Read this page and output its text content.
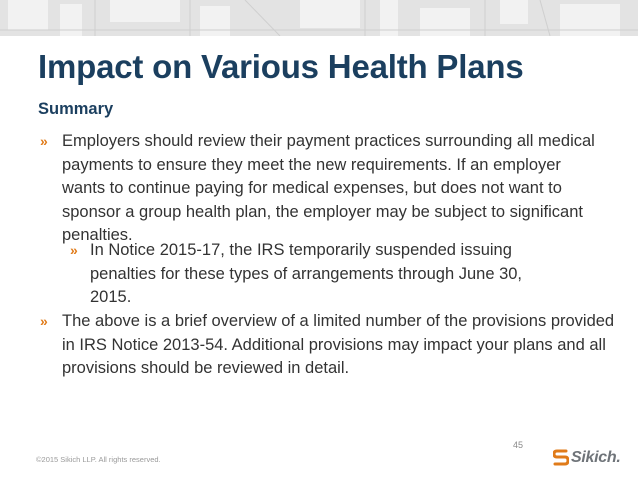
Impact on Various Health Plans
Summary
» Employers should review their payment practices surrounding all medical payments to ensure they meet the new requirements. If an employer wants to continue paying for medical expenses, but does not want to sponsor a group health plan, the employer may be subject to significant penalties.
» In Notice 2015-17, the IRS temporarily suspended issuing penalties for these types of arrangements through June 30, 2015.
» The above is a brief overview of a limited number of the provisions provided in IRS Notice 2013-54. Additional provisions may impact your plans and all provisions should be reviewed in detail.
45
©2015 Sikich LLP. All rights reserved.	Sikich.
